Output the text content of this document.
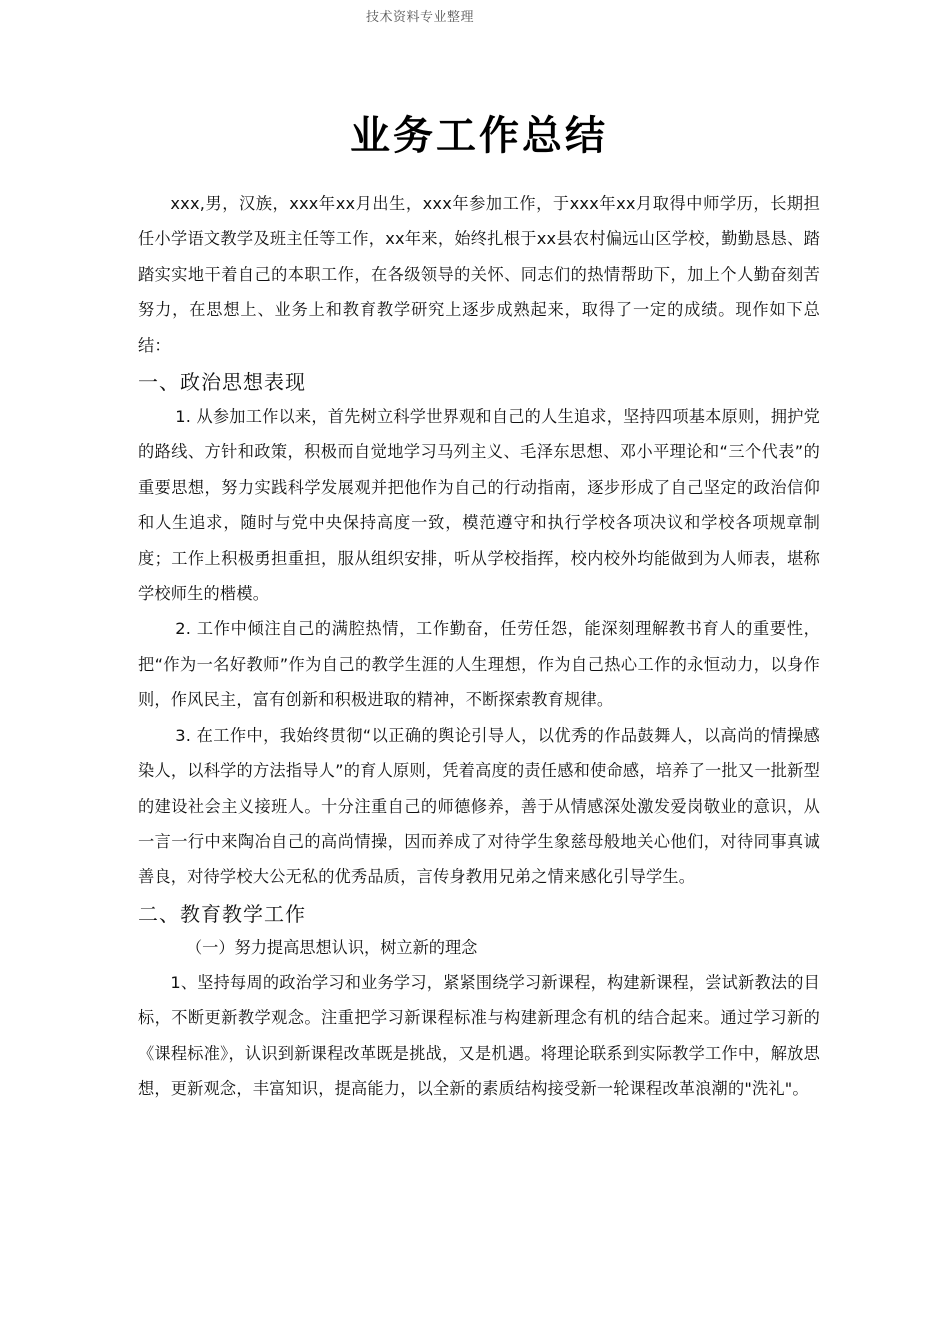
技术资料专业整理
业务工作总结

xxx,男，汉族，xxx年xx月出生，xxx年参加工作，于xxx年xx月取得中师学历，长期担任小学语文教学及班主任等工作，xx年来，始终扎根于xx县农村偏远山区学校，勤勤恳恳、踏踏实实地干着自己的本职工作，在各级领导的关怀、同志们的热情帮助下，加上个人勤奋刻苦努力，在思想上、业务上和教育教学研究上逐步成熟起来，取得了一定的成绩。现作如下总结：

一、政治思想表现

1. 从参加工作以来，首先树立科学世界观和自己的人生追求，坚持四项基本原则，拥护党的路线、方针和政策，积极而自觉地学习马列主义、毛泽东思想、邓小平理论和“三个代表”的重要思想，努力实践科学发展观并把他作为自己的行动指南，逐步形成了自己坚定的政治信仰和人生追求，随时与党中央保持高度一致，模范遵守和执行学校各项决议和学校各项规章制度；工作上积极勇担重担，服从组织安排，听从学校指挥，校内校外均能做到为人师表，堪称学校师生的楷模。

2. 工作中倾注自己的满腔热情，工作勤奋，任劳任怨，能深刻理解教书育人的重要性，把“作为一名好教师”作为自己的教学生涯的人生理想，作为自己热心工作的永恒动力，以身作则，作风民主，富有创新和积极进取的精神，不断探索教育规律。

3. 在工作中，我始终贯彻“以正确的舆论引导人，以优秀的作品鼓舞人，以高尚的情操感染人，以科学的方法指导人”的育人原则，凭着高度的责任感和使命感，培养了一批又一批新型的建设社会主义接班人。十分注重自己的师德修养，善于从情感深处激发爱岗敬业的意识，从一言一行中来陶冶自己的高尚情操，因而养成了对待学生象慈母般地关心他们，对待同事真诚善良，对待学校大公无私的优秀品质，言传身教用兄弟之情来感化引导学生。

二、教育教学工作

（一）努力提高思想认识，树立新的理念

1、坚持每周的政治学习和业务学习，紧紧围绕学习新课程，构建新课程，尝试新教法的目标，不断更新教学观念。注重把学习新课程标准与构建新理念有机的结合起来。通过学习新的《课程标准》，认识到新课程改革既是挑战，又是机遇。将理论联系到实际教学工作中，解放思想，更新观念，丰富知识，提高能力，以全新的素质结构接受新一轮课程改革浪潮的"洗礼"。
